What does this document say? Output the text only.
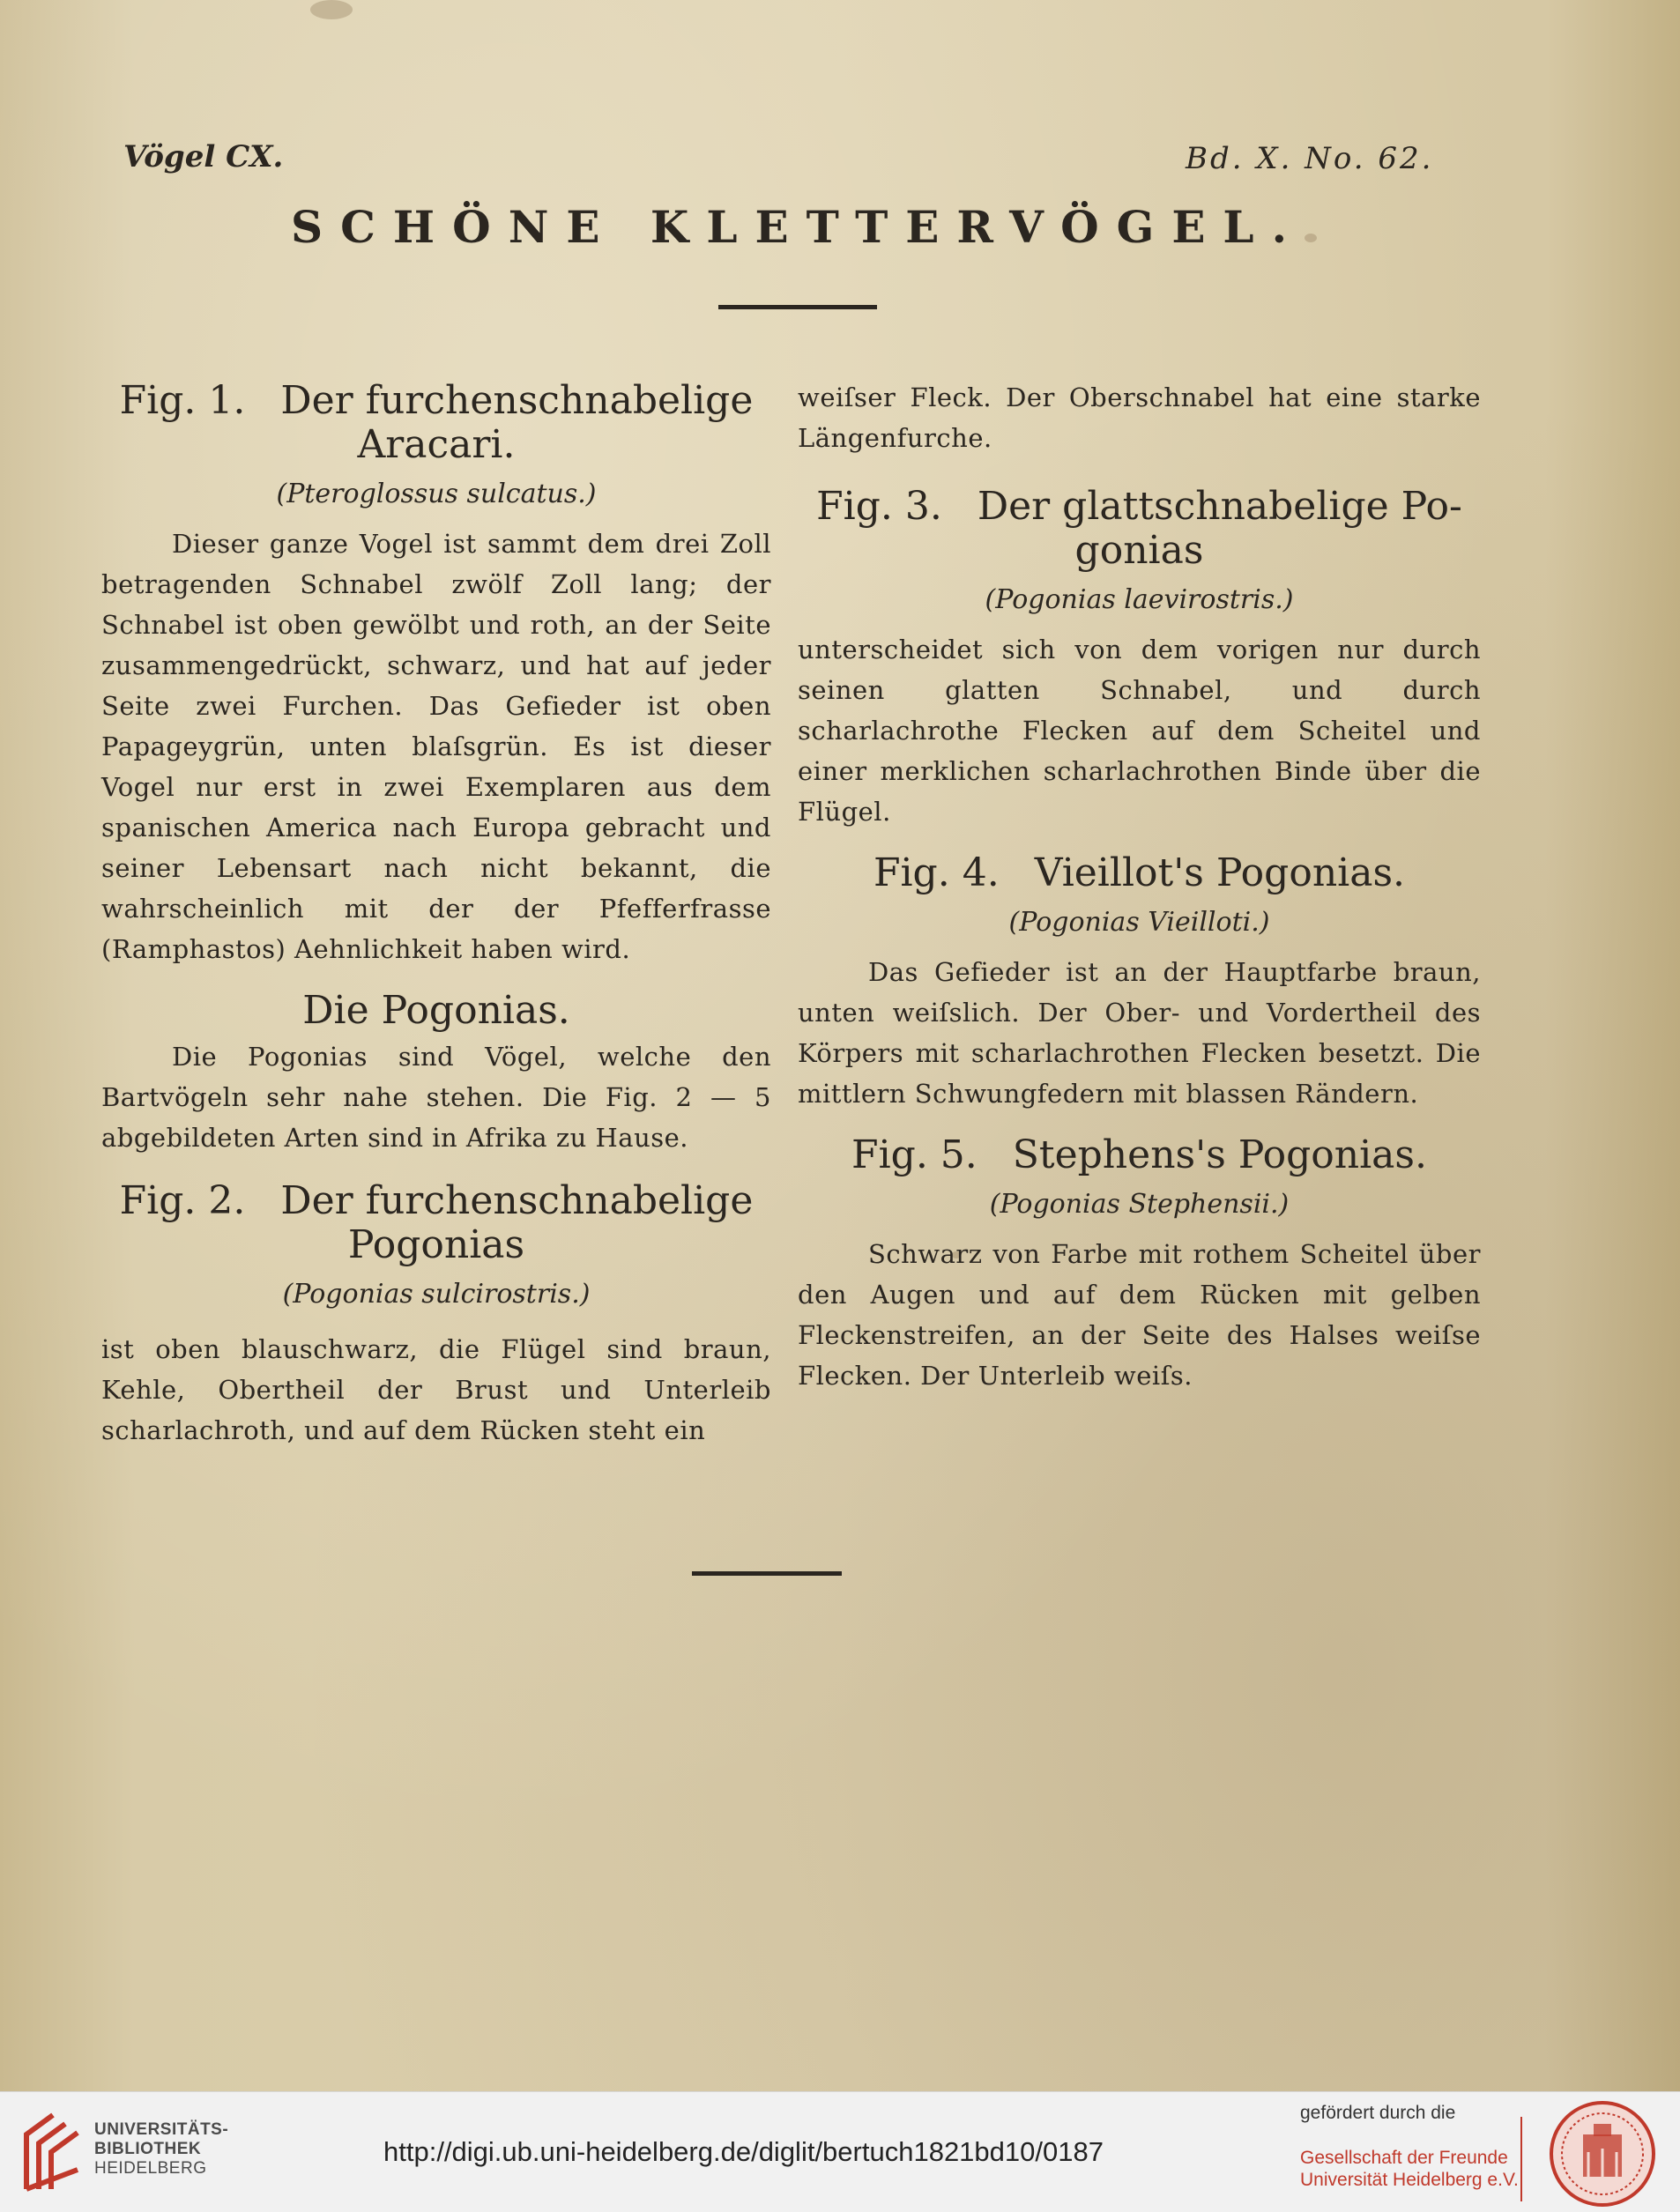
Vögel CX.	Bd. X. No. 62.
SCHÖNE KLETTERVÖGEL.
Fig. 1. Der furchenschnabelige
Aracari.
(Pteroglossus sulcatus.)

Dieser ganze Vogel ist sammt dem drei Zoll betragenden Schnabel zwölf Zoll lang; der Schnabel ist oben gewölbt und roth, an der Seite zusammengedrückt, schwarz, und hat auf jeder Seite zwei Furchen. Das Gefieder ist oben Papageygrün, unten blaſsgrün. Es ist dieser Vogel nur erst in zwei Exemplaren aus dem spanischen America nach Europa gebracht und seiner Lebensart nach nicht bekannt, die wahrscheinlich mit der der Pfefferfrasse (Ramphastos) Aehnlichkeit haben wird.

Die Pogonias.

Die Pogonias sind Vögel, welche den Bartvögeln sehr nahe stehen. Die Fig. 2 — 5 abgebildeten Arten sind in Afrika zu Hause.

Fig. 2. Der furchenschnabelige
Pogonias
(Pogonias sulcirostris.)

ist oben blauschwarz, die Flügel sind braun, Kehle, Obertheil der Brust und Unterleib scharlachroth, und auf dem Rücken steht ein

weiſser Fleck. Der Oberschnabel hat eine starke Längenfurche.

Fig. 3. Der glattschnabelige Po-
gonias
(Pogonias laevirostris.)

unterscheidet sich von dem vorigen nur durch seinen glatten Schnabel, und durch scharlachrothe Flecken auf dem Scheitel und einer merklichen scharlachrothen Binde über die Flügel.

Fig. 4. Vieillot's Pogonias.
(Pogonias Vieilloti.)

Das Gefieder ist an der Hauptfarbe braun, unten weiſslich. Der Ober- und Vordertheil des Körpers mit scharlachrothen Flecken besetzt. Die mittlern Schwungfedern mit blassen Rändern.

Fig. 5. Stephens's Pogonias.
(Pogonias Stephensii.)

Schwarz von Farbe mit rothem Scheitel über den Augen und auf dem Rücken mit gelben Fleckenstreifen, an der Seite des Halses weiſse Flecken. Der Unterleib weiſs.

UNIVERSITÄTS-
BIBLIOTHEK
HEIDELBERG
http://digi.ub.uni-heidelberg.de/diglit/bertuch1821bd10/0187
gefördert durch die
Gesellschaft der Freunde
Universität Heidelberg e.V.
